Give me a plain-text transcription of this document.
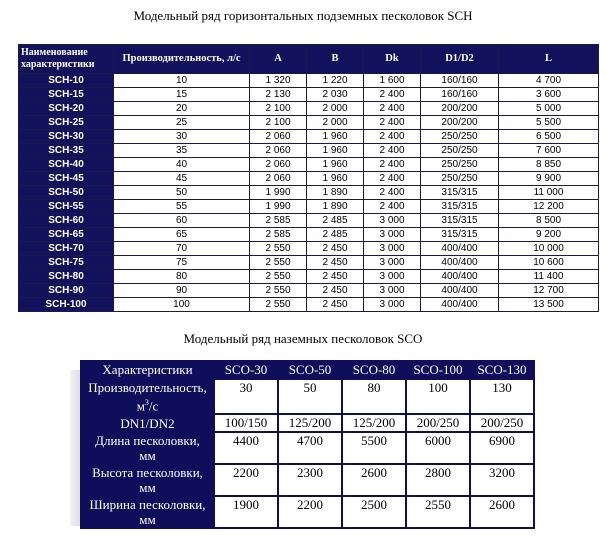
Модельный ряд горизонтальных подземных песколовок SCH
Наименование характеристики	Производительность, л/с	A	B	Dk	D1/D2	L
SCH-10	10	1 320	1 220	1 600	160/160	4 700
SCH-15	15	2 130	2 030	2 400	160/160	3 600
SCH-20	20	2 100	2 000	2 400	200/200	5 000
SCH-25	25	2 100	2 000	2 400	200/200	5 500
SCH-30	30	2 060	1 960	2 400	250/250	6 500
SCH-35	35	2 060	1 960	2 400	250/250	7 600
SCH-40	40	2 060	1 960	2 400	250/250	8 850
SCH-45	45	2 060	1 960	2 400	250/250	9 900
SCH-50	50	1 990	1 890	2 400	315/315	11 000
SCH-55	55	1 990	1 890	2 400	315/315	12 200
SCH-60	60	2 585	2 485	3 000	315/315	8 500
SCH-65	65	2 585	2 485	3 000	315/315	9 200
SCH-70	70	2 550	2 450	3 000	400/400	10 000
SCH-75	75	2 550	2 450	3 000	400/400	10 600
SCH-80	80	2 550	2 450	3 000	400/400	11 400
SCH-90	90	2 550	2 450	3 000	400/400	12 700
SCH-100	100	2 550	2 450	3 000	400/400	13 500
Модельный ряд наземных песколовок SCO
Характеристики	SCO-30	SCO-50	SCO-80	SCO-100	SCO-130
Производительность,
$м^3/с$	30	50	80	100	130
DN1/DN2	100/150	125/200	125/200	200/250	200/250
Длина песколовки,
мм	4400	4700	5500	6000	6900
Высота песколовки,
мм	2200	2300	2600	2800	3200
Ширина песколовки,
мм	1900	2200	2500	2550	2600
